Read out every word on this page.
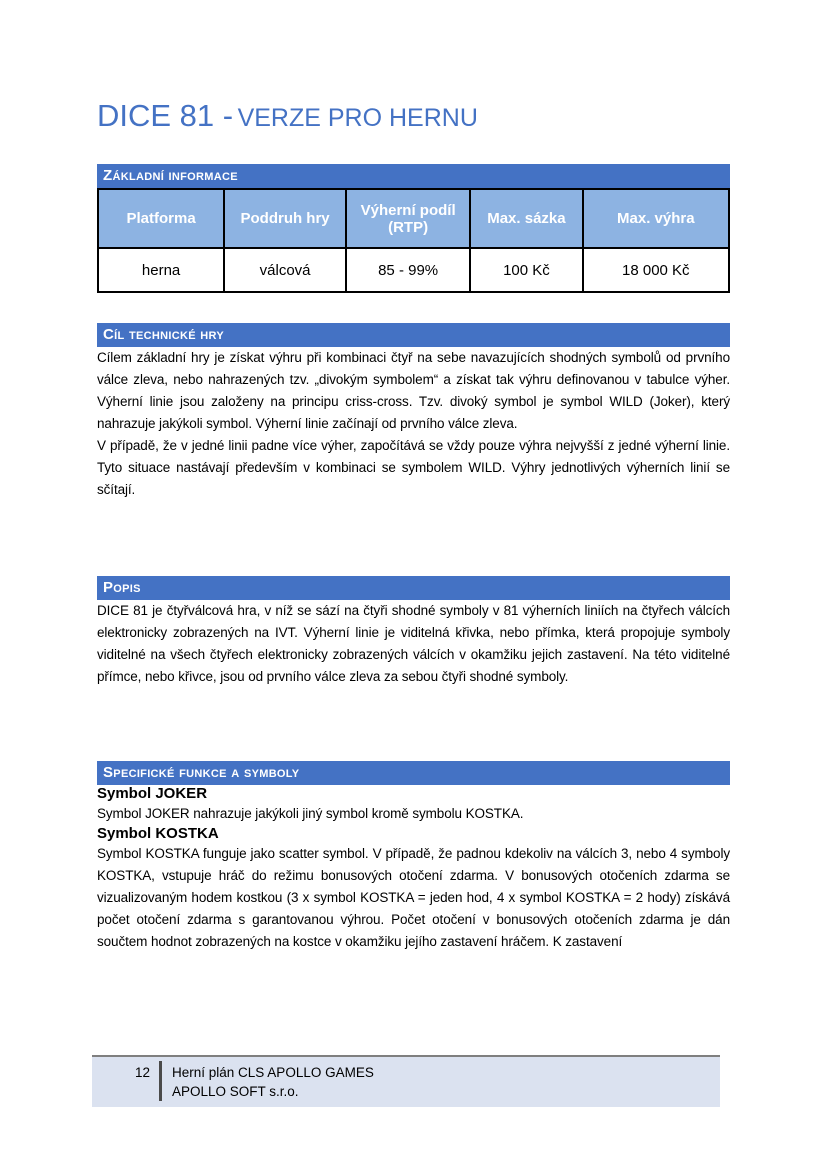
DICE 81 - VERZE PRO HERNU
Základní informace
Platforma	Poddruh hry	Výherní podíl (RTP)	Max. sázka	Max. výhra
herna	válcová	85 - 99%	100 Kč	18 000 Kč
Cíl technické hry

Cílem základní hry je získat výhru při kombinaci čtyř na sebe navazujících shodných symbolů od prvního válce zleva, nebo nahrazených tzv. „divokým symbolem“ a získat tak výhru definovanou v tabulce výher. Výherní linie jsou založeny na principu criss-cross. Tzv. divoký symbol je symbol WILD (Joker), který nahrazuje jakýkoli symbol. Výherní linie začínají od prvního válce zleva.

V případě, že v jedné linii padne více výher, započítává se vždy pouze výhra nejvyšší z jedné výherní linie. Tyto situace nastávají především v kombinaci se symbolem WILD. Výhry jednotlivých výherních linií se sčítají.

Popis

DICE 81 je čtyřválcová hra, v níž se sází na čtyři shodné symboly v 81 výherních liniích na čtyřech válcích elektronicky zobrazených na IVT. Výherní linie je viditelná křivka, nebo přímka, která propojuje symboly viditelné na všech čtyřech elektronicky zobrazených válcích v okamžiku jejich zastavení. Na této viditelné přímce, nebo křivce, jsou od prvního válce zleva za sebou čtyři shodné symboly.

Specifické funkce a symboly
Symbol JOKER

Symbol JOKER nahrazuje jakýkoli jiný symbol kromě symbolu KOSTKA.

Symbol KOSTKA

Symbol KOSTKA funguje jako scatter symbol. V případě, že padnou kdekoliv na válcích 3, nebo 4 symboly KOSTKA, vstupuje hráč do režimu bonusových otočení zdarma. V bonusových otočeních zdarma se vizualizovaným hodem kostkou (3 x symbol KOSTKA = jeden hod, 4 x symbol KOSTKA = 2 hody) získává počet otočení zdarma s garantovanou výhrou. Počet otočení v bonusových otočeních zdarma je dán součtem hodnot zobrazených na kostce v okamžiku jejího zastavení hráčem. K zastavení

12 Herní plán CLS APOLLO GAMES
APOLLO SOFT s.r.o.
